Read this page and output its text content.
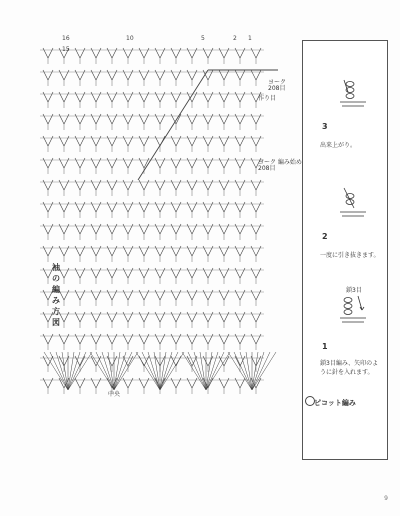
16
15
10	5	2 1
ヨーク
208目
作り目
ヨーク 編み始め
208目
中央
袖の編み方図
ピコット編み
1
鎖3目
鎖3目編み、矢印のように針を入れます。
2
一度に引き抜きます。
3
出来上がり。
9
